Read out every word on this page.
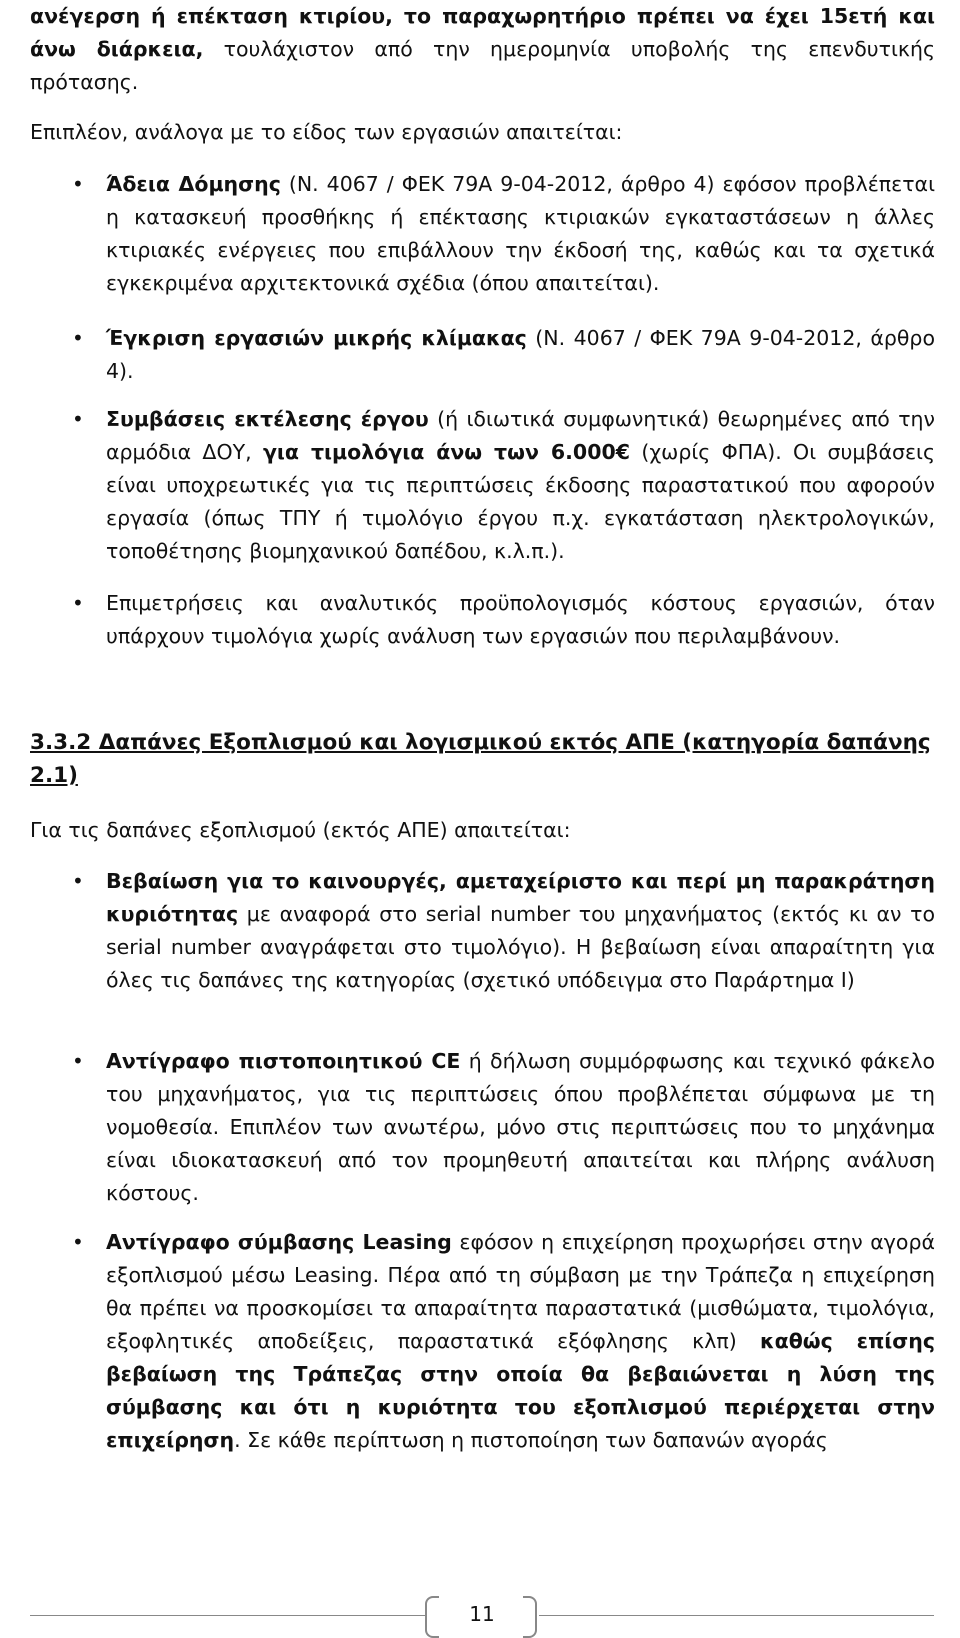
ανέγερση ή επέκταση κτιρίου, το παραχωρητήριο πρέπει να έχει 15ετή και άνω διάρκεια, τουλάχιστον από την ημερομηνία υποβολής της επενδυτικής πρότασης.
Επιπλέον, ανάλογα με το είδος των εργασιών απαιτείται:
• Άδεια Δόμησης (Ν. 4067 / ΦΕΚ 79Α 9-04-2012, άρθρο 4) εφόσον προβλέπεται η κατασκευή προσθήκης ή επέκτασης κτιριακών εγκαταστάσεων η άλλες κτιριακές ενέργειες που επιβάλλουν την έκδοσή της, καθώς και τα σχετικά εγκεκριμένα αρχιτεκτονικά σχέδια (όπου απαιτείται).
• Έγκριση εργασιών μικρής κλίμακας (Ν. 4067 / ΦΕΚ 79Α 9-04-2012, άρθρο 4).
• Συμβάσεις εκτέλεσης έργου (ή ιδιωτικά συμφωνητικά) θεωρημένες από την αρμόδια ΔΟΥ, για τιμολόγια άνω των 6.000€ (χωρίς ΦΠΑ). Οι συμβάσεις είναι υποχρεωτικές για τις περιπτώσεις έκδοσης παραστατικού που αφορούν εργασία (όπως ΤΠΥ ή τιμολόγιο έργου π.χ. εγκατάσταση ηλεκτρολογικών, τοποθέτησης βιομηχανικού δαπέδου, κ.λ.π.).
• Επιμετρήσεις και αναλυτικός προϋπολογισμός κόστους εργασιών, όταν υπάρχουν τιμολόγια χωρίς ανάλυση των εργασιών που περιλαμβάνουν.
3.3.2 Δαπάνες Εξοπλισμού και λογισμικού εκτός ΑΠΕ (κατηγορία δαπάνης 2.1)
Για τις δαπάνες εξοπλισμού (εκτός ΑΠΕ) απαιτείται:
• Βεβαίωση για το καινουργές, αμεταχείριστο και περί μη παρακράτηση κυριότητας με αναφορά στο serial number του μηχανήματος (εκτός κι αν το serial number αναγράφεται στο τιμολόγιο). Η βεβαίωση είναι απαραίτητη για όλες τις δαπάνες της κατηγορίας (σχετικό υπόδειγμα στο Παράρτημα Ι)
• Αντίγραφο πιστοποιητικού CE ή δήλωση συμμόρφωσης και τεχνικό φάκελο του μηχανήματος, για τις περιπτώσεις όπου προβλέπεται σύμφωνα με τη νομοθεσία. Επιπλέον των ανωτέρω, μόνο στις περιπτώσεις που το μηχάνημα είναι ιδιοκατασκευή από τον προμηθευτή απαιτείται και πλήρης ανάλυση κόστους.
• Αντίγραφο σύμβασης Leasing εφόσον η επιχείρηση προχωρήσει στην αγορά εξοπλισμού μέσω Leasing. Πέρα από τη σύμβαση με την Τράπεζα η επιχείρηση θα πρέπει να προσκομίσει τα απαραίτητα παραστατικά (μισθώματα, τιμολόγια, εξοφλητικές αποδείξεις, παραστατικά εξόφλησης κλπ) καθώς επίσης βεβαίωση της Τράπεζας στην οποία θα βεβαιώνεται η λύση της σύμβασης και ότι η κυριότητα του εξοπλισμού περιέρχεται στην επιχείρηση. Σε κάθε περίπτωση η πιστοποίηση των δαπανών αγοράς
11
